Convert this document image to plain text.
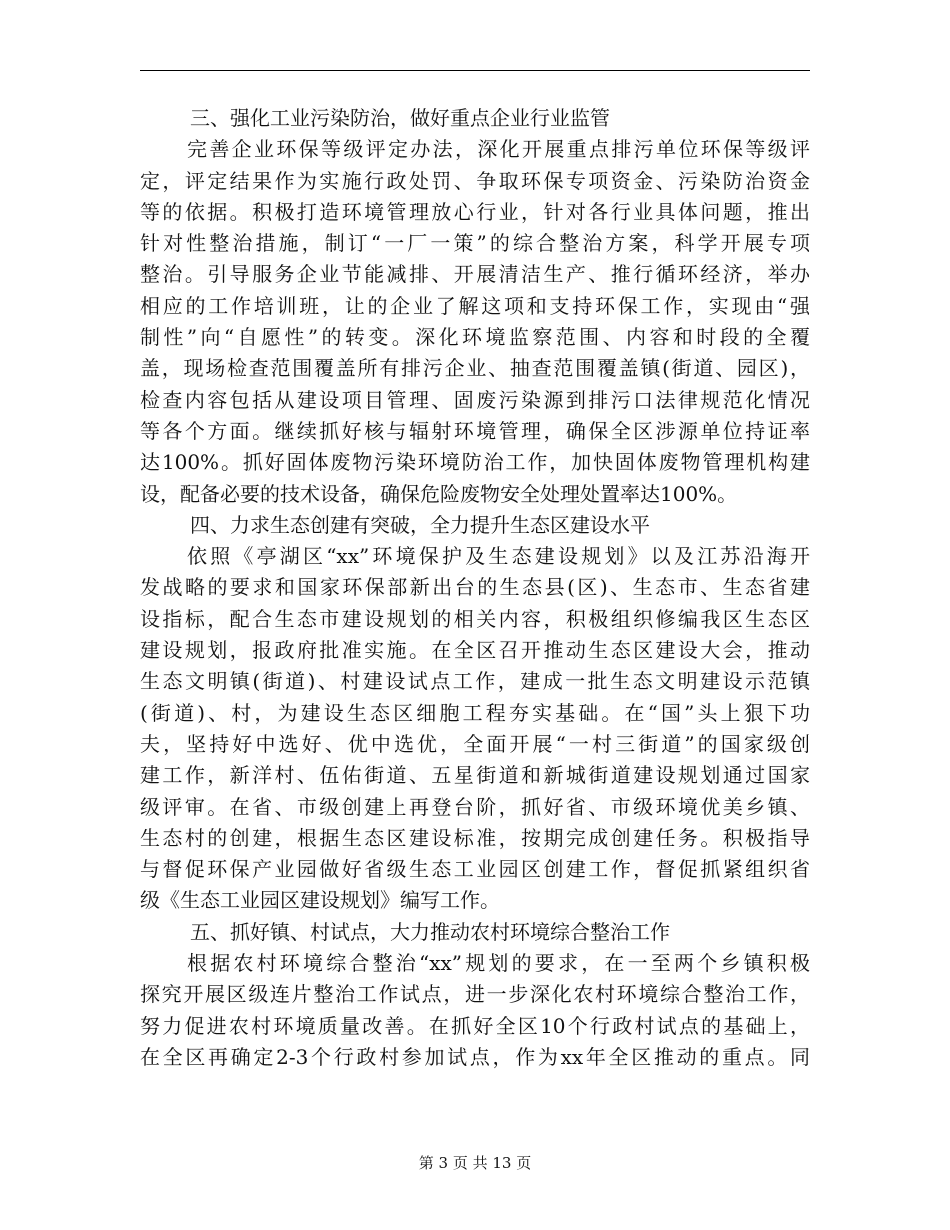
三、强化工业污染防治，做好重点企业行业监管
完善企业环保等级评定办法，深化开展重点排污单位环保等级评
定，评定结果作为实施行政处罚、争取环保专项资金、污染防治资金
等的依据。积极打造环境管理放心行业，针对各行业具体问题，推出
针对性整治措施，制订“一厂一策”的综合整治方案，科学开展专项
整治。引导服务企业节能减排、开展清洁生产、推行循环经济，举办
相应的工作培训班，让的企业了解这项和支持环保工作，实现由“强
制性”向“自愿性”的转变。深化环境监察范围、内容和时段的全覆
盖，现场检查范围覆盖所有排污企业、抽查范围覆盖镇(街道、园区)，
检查内容包括从建设项目管理、固废污染源到排污口法律规范化情况
等各个方面。继续抓好核与辐射环境管理，确保全区涉源单位持证率
达100%。抓好固体废物污染环境防治工作，加快固体废物管理机构建
设，配备必要的技术设备，确保危险废物安全处理处置率达100%。
四、力求生态创建有突破，全力提升生态区建设水平
依照《亭湖区“xx”环境保护及生态建设规划》以及江苏沿海开
发战略的要求和国家环保部新出台的生态县(区)、生态市、生态省建
设指标，配合生态市建设规划的相关内容，积极组织修编我区生态区
建设规划，报政府批准实施。在全区召开推动生态区建设大会，推动
生态文明镇(街道)、村建设试点工作，建成一批生态文明建设示范镇
(街道)、村，为建设生态区细胞工程夯实基础。在“国”头上狠下功
夫，坚持好中选好、优中选优，全面开展“一村三街道”的国家级创
建工作，新洋村、伍佑街道、五星街道和新城街道建设规划通过国家
级评审。在省、市级创建上再登台阶，抓好省、市级环境优美乡镇、
生态村的创建，根据生态区建设标准，按期完成创建任务。积极指导
与督促环保产业园做好省级生态工业园区创建工作，督促抓紧组织省
级《生态工业园区建设规划》编写工作。
五、抓好镇、村试点，大力推动农村环境综合整治工作
根据农村环境综合整治“xx”规划的要求，在一至两个乡镇积极
探究开展区级连片整治工作试点，进一步深化农村环境综合整治工作，
努力促进农村环境质量改善。在抓好全区10个行政村试点的基础上，
在全区再确定2-3个行政村参加试点，作为xx年全区推动的重点。同
第 3 页 共 13 页
